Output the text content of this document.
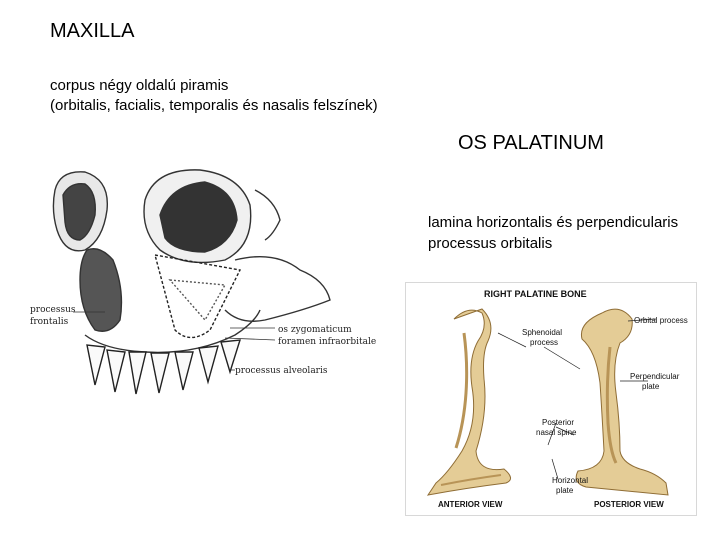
MAXILLA
corpus négy oldalú piramis
(orbitalis, facialis, temporalis és nasalis felszínek)
OS PALATINUM
lamina horizontalis és perpendicularis
processus orbitalis
processus
frontalis
os zygomaticum
foramen infraorbitale
processus alveolaris
RIGHT PALATINE BONE
Sphenoidal
process
Orbital process
Perpendicular
plate
Posterior
nasal spine
Horizontal
plate
ANTERIOR VIEW	POSTERIOR VIEW
